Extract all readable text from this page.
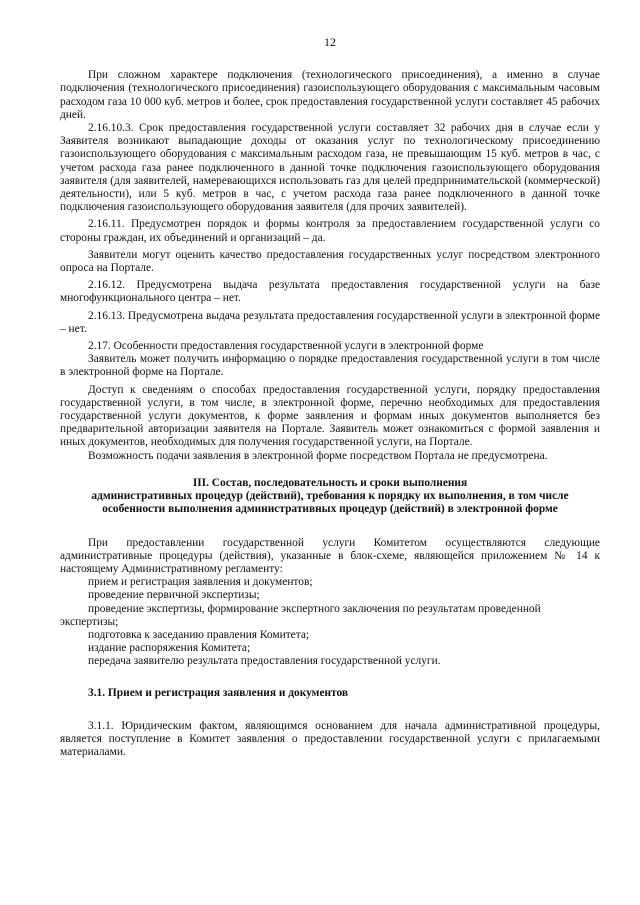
12

При сложном характере подключения (технологического присоединения), а именно в случае подключения (технологического присоединения) газоиспользующего оборудования с максимальным часовым расходом газа 10 000 куб. метров и более, срок предоставления государственной услуги составляет 45 рабочих дней.

2.16.10.3. Срок предоставления государственной услуги составляет 32 рабочих дня в случае если у Заявителя возникают выпадающие доходы от оказания услуг по технологическому присоединению газоиспользующего оборудования с максимальным расходом газа, не превышающим 15 куб. метров в час, с учетом расхода газа ранее подключенного в данной точке подключения газоиспользующего оборудования заявителя (для заявителей, намеревающихся использовать газ для целей предпринимательской (коммерческой) деятельности), или 5 куб. метров в час, с учетом расхода газа ранее подключенного в данной точке подключения газоиспользующего оборудования заявителя (для прочих заявителей).

2.16.11. Предусмотрен порядок и формы контроля за предоставлением государственной услуги со стороны граждан, их объединений и организаций – да.

Заявители могут оценить качество предоставления государственных услуг посредством электронного опроса на Портале.

2.16.12. Предусмотрена выдача результата предоставления государственной услуги на базе многофункционального центра – нет.

2.16.13. Предусмотрена выдача результата предоставления государственной услуги в электронной форме – нет.

2.17. Особенности предоставления государственной услуги в электронной форме

Заявитель может получить информацию о порядке предоставления государственной услуги в том числе в электронной форме на Портале.

Доступ к сведениям о способах предоставления государственной услуги, порядку предоставления государственной услуги, в том числе, в электронной форме, перечню необходимых для предоставления государственной услуги документов, к форме заявления и формам иных документов выполняется без предварительной авторизации заявителя на Портале. Заявитель может ознакомиться с формой заявления и иных документов, необходимых для получения государственной услуги, на Портале.

Возможность подачи заявления в электронной форме посредством Портала не предусмотрена.

III. Состав, последовательность и сроки выполнения
административных процедур (действий), требования к порядку их выполнения, в том числе
особенности выполнения административных процедур (действий) в электронной форме

При предоставлении государственной услуги Комитетом осуществляются следующие административные процедуры (действия), указанные в блок-схеме, являющейся приложением № 14 к настоящему Административному регламенту:

прием и регистрация заявления и документов;

проведение первичной экспертизы;

проведение экспертизы, формирование экспертного заключения по результатам проведенной экспертизы;

подготовка к заседанию правления Комитета;

издание распоряжения Комитета;

передача заявителю результата предоставления государственной услуги.

3.1. Прием и регистрация заявления и документов

3.1.1. Юридическим фактом, являющимся основанием для начала административной процедуры, является поступление в Комитет заявления о предоставлении государственной услуги с прилагаемыми материалами.
